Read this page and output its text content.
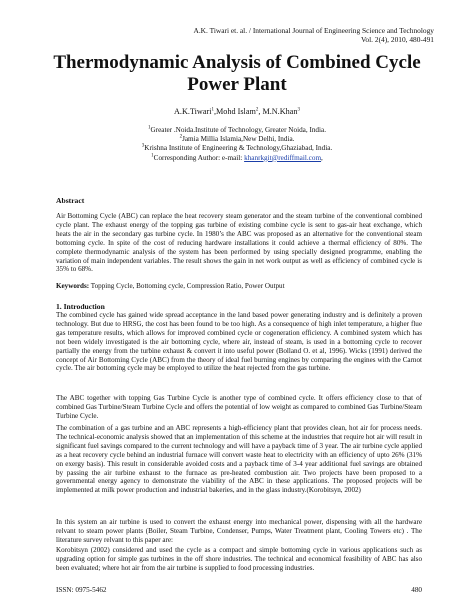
A.K. Tiwari et. al. / International Journal of Engineering Science and Technology
Vol. 2(4), 2010, 480-491
Thermodynamic Analysis of Combined Cycle
Power Plant
A.K.Tiwari$^1$,Mohd Islam$^2$, M.N.Khan$^3$
$^1$Greater .Noida.Institute of Technology, Greater Noida, India.
$^2$Jamia Millia Islamia,New Delhi, India.
$^3$Krishna Institute of Engineering & Technology,Ghaziabad, India.
$^1$Corresponding Author: e-mail: khanrkgit@rediffmail.com,
Abstract
Air Bottoming Cycle (ABC) can replace the heat recovery steam generator and the steam turbine of the conventional combined cycle plant. The exhaust energy of the topping gas turbine of existing combine cycle is sent to gas-air heat exchange, which heats the air in the secondary gas turbine cycle. In 1980’s the ABC was proposed as an alternative for the conventional steam bottoming cycle. In spite of the cost of reducing hardware installations it could achieve a thermal efficiency of 80%. The complete thermodynamic analysis of the system has been performed by using specially designed programme, enabling the variation of main independent variables. The result shows the gain in net work output as well as efficiency of combined cycle is 35% to 68%.
Keywords: Topping Cycle, Bottoming cycle, Compression Ratio, Power Output
1. Introduction
The combined cycle has gained wide spread acceptance in the land based power generating industry and is definitely a proven technology. But due to HRSG, the cost has been found to be too high. As a consequence of high inlet temperature, a higher flue gas temperature results, which allows for improved combined cycle or cogeneration efficiency. A combined system which has not been widely investigated is the air bottoming cycle, where air, instead of steam, is used in a bottoming cycle to recover partially the energy from the turbine exhaust & convert it into useful power (Bolland O. et al, 1996). Wicks (1991) derived the concept of Air Bottoming Cycle (ABC) from the theory of ideal fuel burning engines by comparing the engines with the Carnot cycle. The air bottoming cycle may be employed to utilize the heat rejected from the gas turbine.
The ABC together with topping Gas Turbine Cycle is another type of combined cycle. It offers efficiency close to that of combined Gas Turbine/Steam Turbine Cycle and offers the potential of low weight as compared to combined Gas Turbine/Steam Turbine Cycle.
The combination of a gas turbine and an ABC represents a high-efficiency plant that provides clean, hot air for process needs. The technical-economic analysis showed that an implementation of this scheme at the industries that require hot air will result in significant fuel savings compared to the current technology and will have a payback time of 3 year. The air turbine cycle applied as a heat recovery cycle behind an industrial furnace will convert waste heat to electricity with an efficiency of upto 26% (31% on exergy basis). This result in considerable avoided costs and a payback time of 3-4 year additional fuel savings are obtained by passing the air turbine exhaust to the furnace as pre-heated combustion air. Two projects have been proposed to a governmental energy agency to demonstrate the viability of the ABC in these applications. The proposed projects will be implemented at milk power production and industrial bakeries, and in the glass industry.(Korobitsyn, 2002)
In this system an air turbine is used to convert the exhaust energy into mechanical power, dispensing with all the hardware relvant to steam power plants (Boiler, Steam Turbine, Condenser, Pumps, Water Treatment plant, Cooling Towers etc) . The literature survey relvant to this paper are:
Korobitsyn (2002) considered and used the cycle as a compact and simple bottoming cycle in various applications such as upgrading option for simple gas turbines in the off shore industries. The technical and economical feasibility of ABC has also been evaluated; where hot air from the air turbine is supplied to food processing industries.
ISSN: 0975-5462	480
